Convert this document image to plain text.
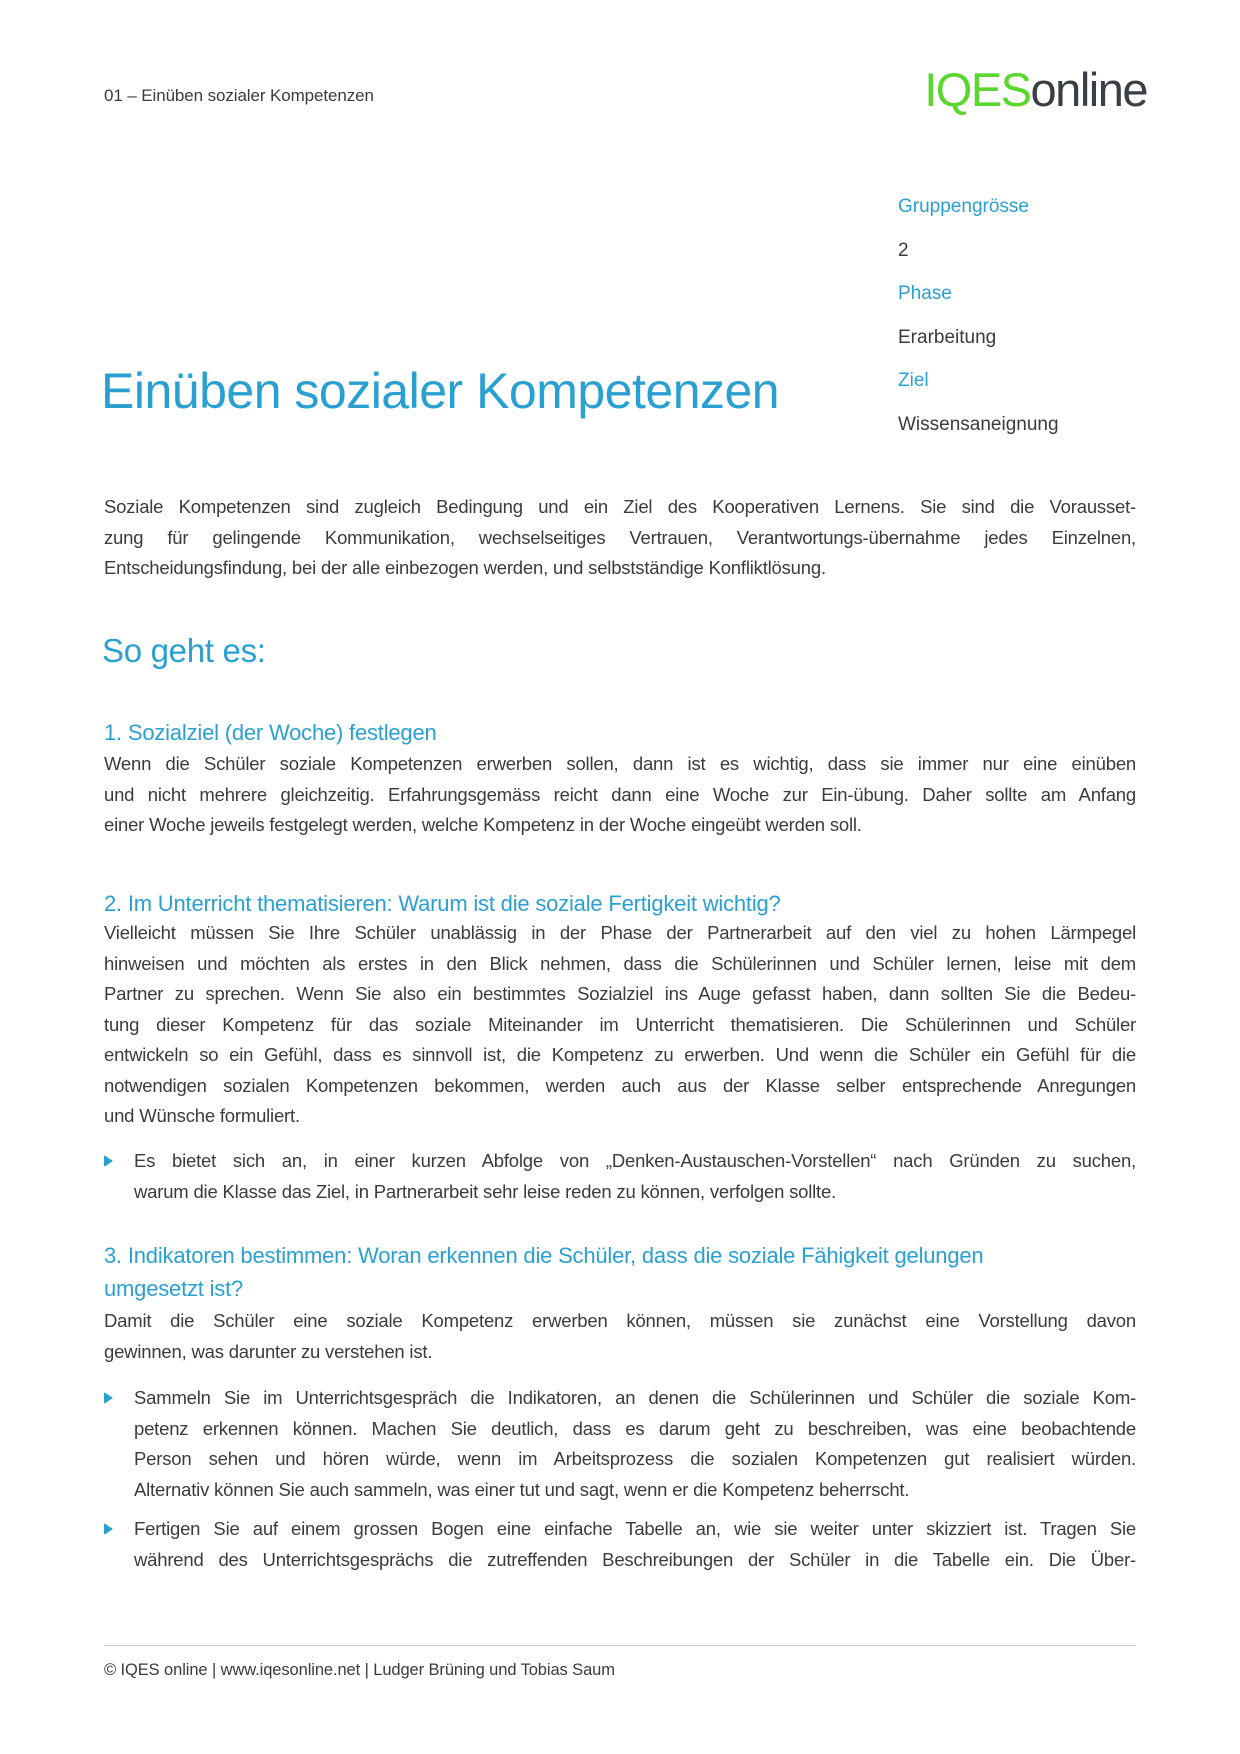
01 – Einüben sozialer Kompetenzen	IQESonline
Gruppengrösse
2
Phase
Erarbeitung
Ziel
Wissensaneignung
Einüben sozialer Kompetenzen
Soziale Kompetenzen sind zugleich Bedingung und ein Ziel des Kooperativen Lernens. Sie sind die Vorausset-
zung für gelingende Kommunikation, wechselseitiges Vertrauen, Verantwortungs-übernahme jedes Einzelnen,
Entscheidungsfindung, bei der alle einbezogen werden, und selbstständige Konfliktlösung.
So geht es:
1. Sozialziel (der Woche) festlegen
Wenn die Schüler soziale Kompetenzen erwerben sollen, dann ist es wichtig, dass sie immer nur eine einüben
und nicht mehrere gleichzeitig. Erfahrungsgemäss reicht dann eine Woche zur Ein-übung. Daher sollte am Anfang
einer Woche jeweils festgelegt werden, welche Kompetenz in der Woche eingeübt werden soll.
2. Im Unterricht thematisieren: Warum ist die soziale Fertigkeit wichtig?
Vielleicht müssen Sie Ihre Schüler unablässig in der Phase der Partnerarbeit auf den viel zu hohen Lärmpegel
hinweisen und möchten als erstes in den Blick nehmen, dass die Schülerinnen und Schüler lernen, leise mit dem
Partner zu sprechen. Wenn Sie also ein bestimmtes Sozialziel ins Auge gefasst haben, dann sollten Sie die Bedeu-
tung dieser Kompetenz für das soziale Miteinander im Unterricht thematisieren. Die Schülerinnen und Schüler
entwickeln so ein Gefühl, dass es sinnvoll ist, die Kompetenz zu erwerben. Und wenn die Schüler ein Gefühl für die
notwendigen sozialen Kompetenzen bekommen, werden auch aus der Klasse selber entsprechende Anregungen
und Wünsche formuliert.
Es bietet sich an, in einer kurzen Abfolge von „Denken-Austauschen-Vorstellen“ nach Gründen zu suchen,
warum die Klasse das Ziel, in Partnerarbeit sehr leise reden zu können, verfolgen sollte.
3. Indikatoren bestimmen: Woran erkennen die Schüler, dass die soziale Fähigkeit gelungen
umgesetzt ist?
Damit die Schüler eine soziale Kompetenz erwerben können, müssen sie zunächst eine Vorstellung davon
gewinnen, was darunter zu verstehen ist.
Sammeln Sie im Unterrichtsgespräch die Indikatoren, an denen die Schülerinnen und Schüler die soziale Kom-
petenz erkennen können. Machen Sie deutlich, dass es darum geht zu beschreiben, was eine beobachtende
Person sehen und hören würde, wenn im Arbeitsprozess die sozialen Kompetenzen gut realisiert würden.
Alternativ können Sie auch sammeln, was einer tut und sagt, wenn er die Kompetenz beherrscht.
Fertigen Sie auf einem grossen Bogen eine einfache Tabelle an, wie sie weiter unter skizziert ist. Tragen Sie
während des Unterrichtsgesprächs die zutreffenden Beschreibungen der Schüler in die Tabelle ein. Die Über-
© IQES online | www.iqesonline.net | Ludger Brüning und Tobias Saum
